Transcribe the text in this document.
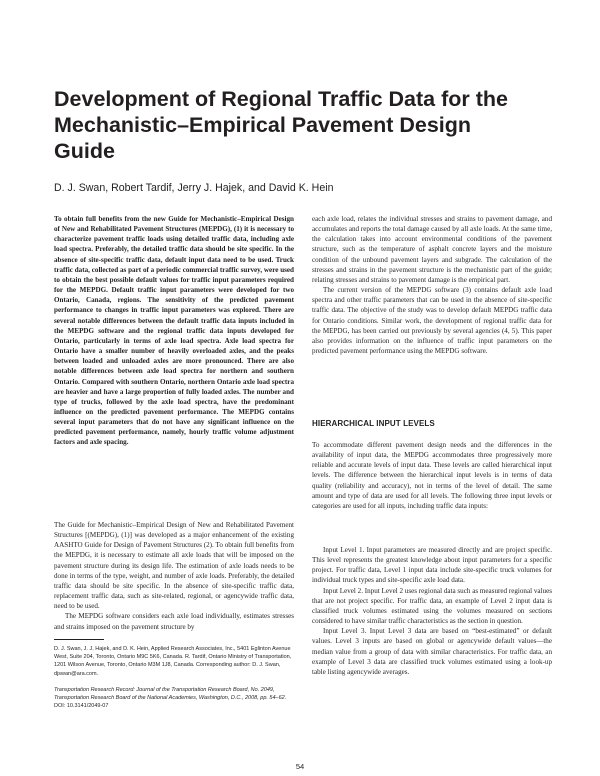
Development of Regional Traffic Data for the Mechanistic–Empirical Pavement Design Guide
D. J. Swan, Robert Tardif, Jerry J. Hajek, and David K. Hein
To obtain full benefits from the new Guide for Mechanistic–Empirical Design of New and Rehabilitated Pavement Structures (MEPDG), (1) it is necessary to characterize pavement traffic loads using detailed traffic data, including axle load spectra. Preferably, the detailed traffic data should be site specific. In the absence of site-specific traffic data, default input data need to be used. Truck traffic data, collected as part of a periodic commercial traffic survey, were used to obtain the best possible default values for traffic input parameters required for the MEPDG. Default traffic input parameters were developed for two Ontario, Canada, regions. The sensitivity of the predicted pavement performance to changes in traffic input parameters was explored. There are several notable differences between the default traffic data inputs included in the MEPDG software and the regional traffic data inputs developed for Ontario, particularly in terms of axle load spectra. Axle load spectra for Ontario have a smaller number of heavily overloaded axles, and the peaks between loaded and unloaded axles are more pronounced. There are also notable differences between axle load spectra for northern and southern Ontario. Compared with southern Ontario, northern Ontario axle load spectra are heavier and have a large proportion of fully loaded axles. The number and type of trucks, followed by the axle load spectra, have the predominant influence on the predicted pavement performance. The MEPDG contains several input parameters that do not have any significant influence on the predicted pavement performance, namely, hourly traffic volume adjustment factors and axle spacing.

The Guide for Mechanistic–Empirical Design of New and Rehabilitated Pavement Structures [(MEPDG), (1)] was developed as a major enhancement of the existing AASHTO Guide for Design of Pavement Structures (2). To obtain full benefits from the MEPDG, it is necessary to estimate all axle loads that will be imposed on the pavement structure during its design life. The estimation of axle loads needs to be done in terms of the type, weight, and number of axle loads. Preferably, the detailed traffic data should be site specific. In the absence of site-specific traffic data, replacement traffic data, such as site-related, regional, or agencywide traffic data, need to be used.

The MEPDG software considers each axle load individually, estimates stresses and strains imposed on the pavement structure by

D. J. Swan, J. J. Hajek, and D. K. Hein, Applied Research Associates, Inc., 5401 Eglinton Avenue West, Suite 204, Toronto, Ontario M9C 5K6, Canada. R. Tardif, Ontario Ministry of Transportation, 1201 Wilson Avenue, Toronto, Ontario M3M 1J8, Canada. Corresponding author: D. J. Swan, djswan@ara.com.
Transportation Research Record: Journal of the Transportation Research Board, No. 2049, Transportation Research Board of the National Academies, Washington, D.C., 2008, pp. 54–62.
DOI: 10.3141/2049-07

each axle load, relates the individual stresses and strains to pavement damage, and accumulates and reports the total damage caused by all axle loads. At the same time, the calculation takes into account environmental conditions of the pavement structure, such as the temperature of asphalt concrete layers and the moisture condition of the unbound pavement layers and subgrade. The calculation of the stresses and strains in the pavement structure is the mechanistic part of the guide; relating stresses and strains to pavement damage is the empirical part.

The current version of the MEPDG software (3) contains default axle load spectra and other traffic parameters that can be used in the absence of site-specific traffic data. The objective of the study was to develop default MEPDG traffic data for Ontario conditions. Similar work, the development of regional traffic data for the MEPDG, has been carried out previously by several agencies (4, 5). This paper also provides information on the influence of traffic input parameters on the predicted pavement performance using the MEPDG software.

HIERARCHICAL INPUT LEVELS

To accommodate different pavement design needs and the differences in the availability of input data, the MEPDG accommodates three progressively more reliable and accurate levels of input data. These levels are called hierarchical input levels. The difference between the hierarchical input levels is in terms of data quality (reliability and accuracy), not in terms of the level of detail. The same amount and type of data are used for all levels. The following three input levels or categories are used for all inputs, including traffic data inputs:

Input Level 1. Input parameters are measured directly and are project specific. This level represents the greatest knowledge about input parameters for a specific project. For traffic data, Level 1 input data include site-specific truck volumes for individual truck types and site-specific axle load data.

Input Level 2. Input Level 2 uses regional data such as measured regional values that are not project specific. For traffic data, an example of Level 2 input data is classified truck volumes estimated using the volumes measured on sections considered to have similar traffic characteristics as the section in question.

Input Level 3. Input Level 3 data are based on “best-estimated” or default values. Level 3 inputs are based on global or agencywide default values—the median value from a group of data with similar characteristics. For traffic data, an example of Level 3 data are classified truck volumes estimated using a look-up table listing agencywide averages.

54
